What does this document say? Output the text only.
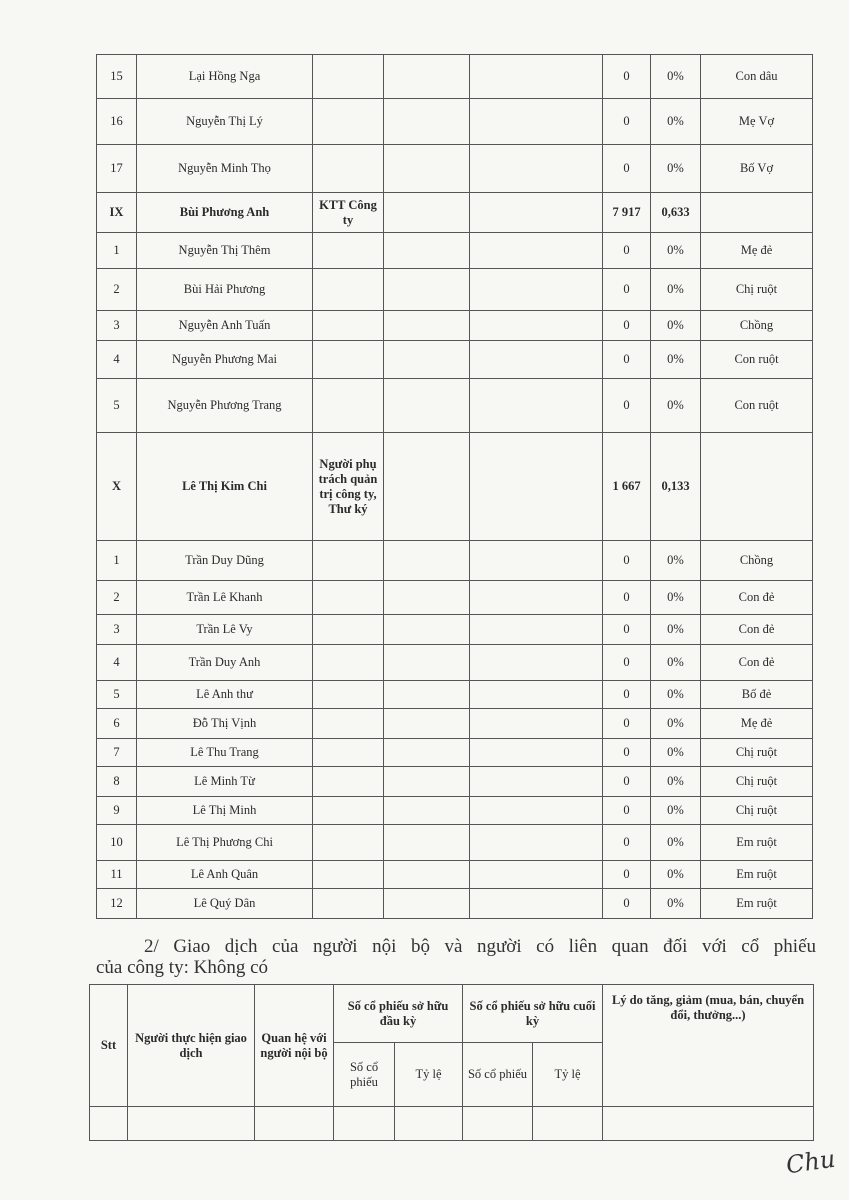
15	Lại Hồng Nga				0	0%	Con dâu
16	Nguyễn Thị Lý				0	0%	Mẹ Vợ
17	Nguyễn Minh Thọ				0	0%	Bố Vợ
IX	Bùi Phương Anh	KTT Công ty			7 917	0,633	
1	Nguyễn Thị Thêm				0	0%	Mẹ đẻ
2	Bùi Hải Phương				0	0%	Chị ruột
3	Nguyễn Anh Tuấn				0	0%	Chồng
4	Nguyễn Phương Mai				0	0%	Con ruột
5	Nguyễn Phương Trang				0	0%	Con ruột
X	Lê Thị Kim Chi	Người phụ trách quản trị công ty, Thư ký			1 667	0,133	
1	Trần Duy Dũng				0	0%	Chồng
2	Trần Lê Khanh				0	0%	Con đẻ
3	Trần Lê Vy				0	0%	Con đẻ
4	Trần Duy Anh				0	0%	Con đẻ
5	Lê Anh thư				0	0%	Bố đẻ
6	Đỗ Thị Vịnh				0	0%	Mẹ đẻ
7	Lê Thu Trang				0	0%	Chị ruột
8	Lê Minh Từ				0	0%	Chị ruột
9	Lê Thị Minh				0	0%	Chị ruột
10	Lê Thị Phương Chi				0	0%	Em ruột
11	Lê Anh Quân				0	0%	Em ruột
12	Lê Quý Dân				0	0%	Em ruột
2/ Giao dịch của người nội bộ và người có liên quan đối với cổ phiếu
của công ty: Không có
Stt	Người thực hiện giao dịch	Quan hệ với người nội bộ	Số cổ phiếu sở hữu đầu kỳ		Số cổ phiếu sở hữu cuối kỳ		Lý do tăng, giảm (mua, bán, chuyển đổi, thưởng...)
			Số cổ phiếu	Tỷ lệ	Số cổ phiếu	Tỷ lệ	

Chu
